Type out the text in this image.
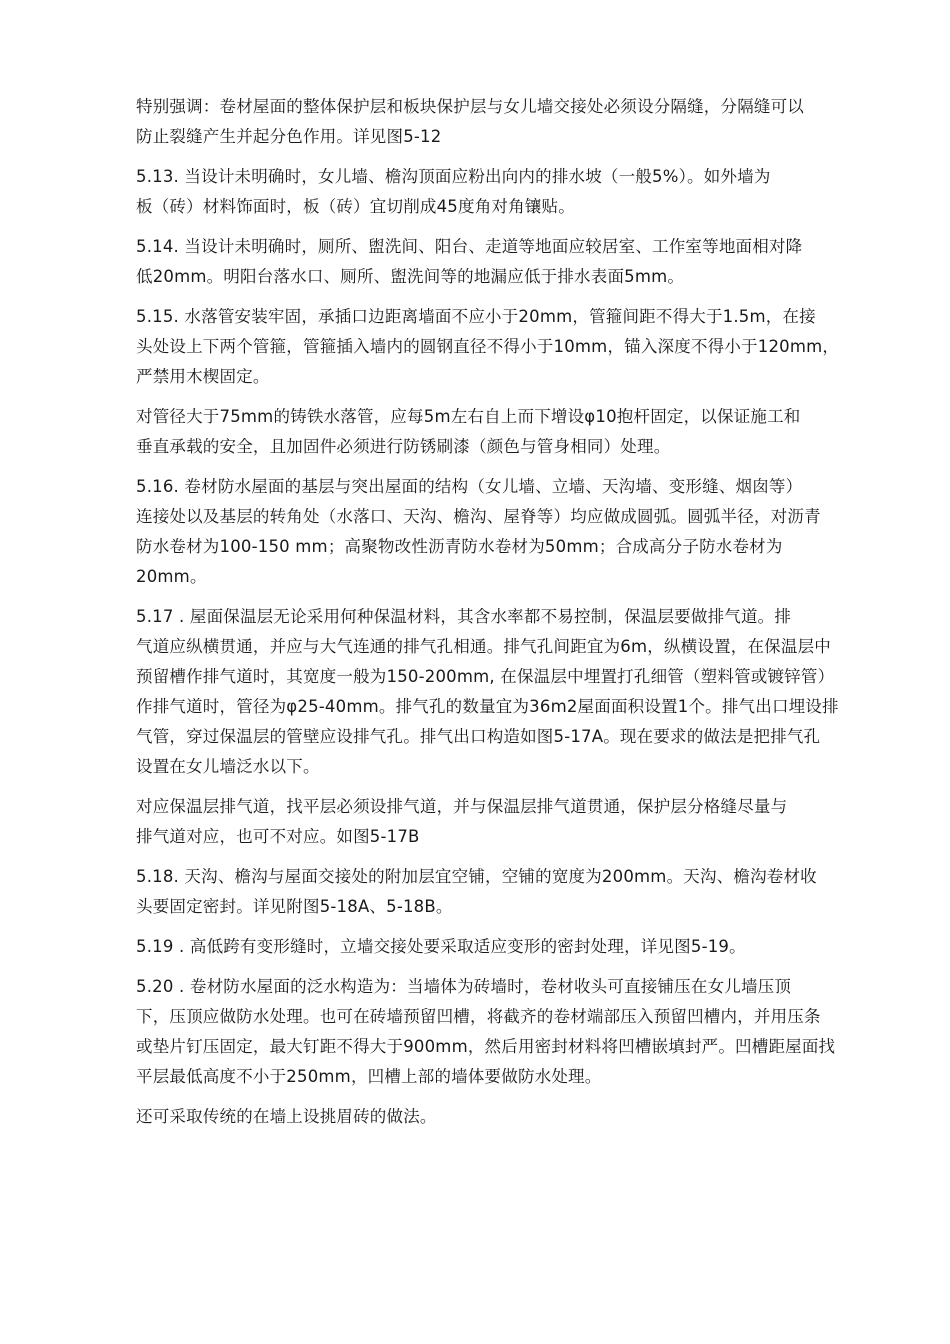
特别强调：卷材屋面的整体保护层和板块保护层与女儿墙交接处必须设分隔缝，分隔缝可以
防止裂缝产生并起分色作用。详见图5-12
5.13. 当设计未明确时，女儿墙、檐沟顶面应粉出向内的排水坡（一般5%）。如外墙为
板（砖）材料饰面时，板（砖）宜切削成45度角对角镶贴。
5.14. 当设计未明确时，厕所、盥洗间、阳台、走道等地面应较居室、工作室等地面相对降
低20mm。明阳台落水口、厕所、盥洗间等的地漏应低于排水表面5mm。
5.15. 水落管安装牢固，承插口边距离墙面不应小于20mm，管箍间距不得大于1.5m，在接
头处设上下两个管箍，管箍插入墙内的圆钢直径不得小于10mm，锚入深度不得小于120mm，
严禁用木楔固定。
对管径大于75mm的铸铁水落管，应每5m左右自上而下增设φ10抱杆固定，以保证施工和
垂直承载的安全，且加固件必须进行防锈刷漆（颜色与管身相同）处理。
5.16. 卷材防水屋面的基层与突出屋面的结构（女儿墙、立墙、天沟墙、变形缝、烟囱等）
连接处以及基层的转角处（水落口、天沟、檐沟、屋脊等）均应做成圆弧。圆弧半径，对沥青
防水卷材为100-150 mm；高聚物改性沥青防水卷材为50mm；合成高分子防水卷材为
20mm。
5.17 . 屋面保温层无论采用何种保温材料，其含水率都不易控制，保温层要做排气道。排
气道应纵横贯通，并应与大气连通的排气孔相通。排气孔间距宜为6m，纵横设置，在保温层中
预留槽作排气道时，其宽度一般为150-200mm, 在保温层中埋置打孔细管（塑料管或镀锌管）
作排气道时，管径为φ25-40mm。排气孔的数量宜为36m2屋面面积设置1个。排气出口埋设排
气管，穿过保温层的管壁应设排气孔。排气出口构造如图5-17A。现在要求的做法是把排气孔
设置在女儿墙泛水以下。
对应保温层排气道，找平层必须设排气道，并与保温层排气道贯通，保护层分格缝尽量与
排气道对应，也可不对应。如图5-17B
5.18. 天沟、檐沟与屋面交接处的附加层宜空铺，空铺的宽度为200mm。天沟、檐沟卷材收
头要固定密封。详见附图5-18A、5-18B。
5.19 . 高低跨有变形缝时，立墙交接处要采取适应变形的密封处理，详见图5-19。
5.20 . 卷材防水屋面的泛水构造为：当墙体为砖墙时，卷材收头可直接铺压在女儿墙压顶
下，压顶应做防水处理。也可在砖墙预留凹槽，将截齐的卷材端部压入预留凹槽内，并用压条
或垫片钉压固定，最大钉距不得大于900mm，然后用密封材料将凹槽嵌填封严。凹槽距屋面找
平层最低高度不小于250mm，凹槽上部的墙体要做防水处理。
还可采取传统的在墙上设挑眉砖的做法。
